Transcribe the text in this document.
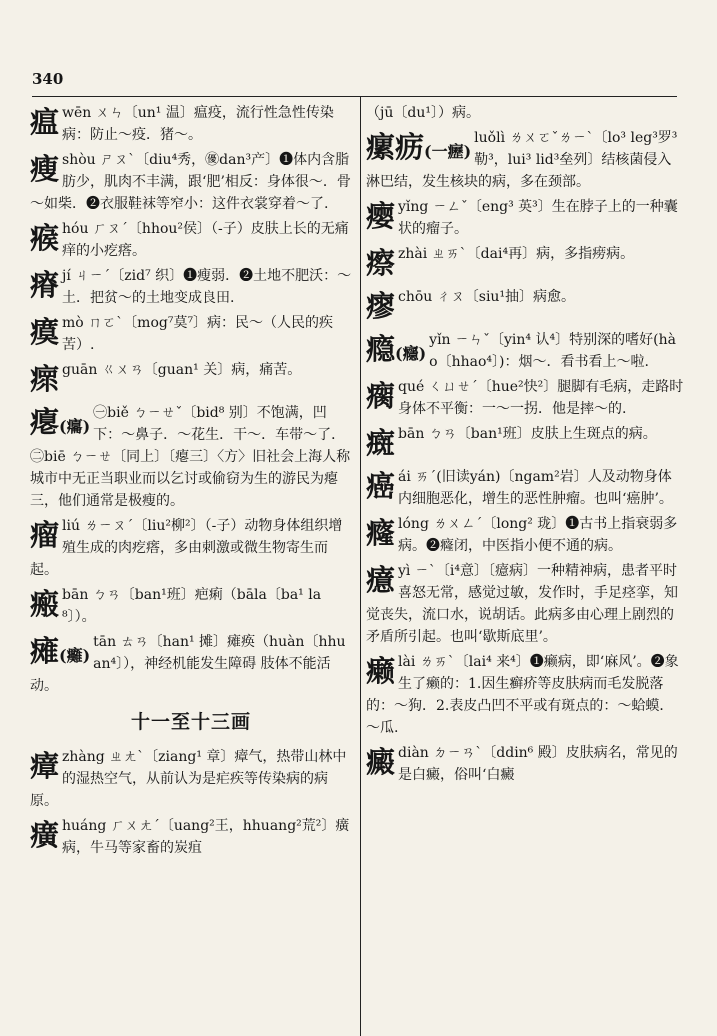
340
瘟 wēn ㄨㄣ〔un¹ 温〕瘟疫，流行性急性传染病：防止～疫．猪～。
瘦 shòu ㄕㄡˋ〔diu⁴秀，㊝dan³产〕❶体内含脂肪少，肌肉不丰满，跟‘肥’相反：身体很～．骨～如柴．❷衣服鞋袜等窄小：这件衣裳穿着～了.
瘊 hóu ㄏㄡˊ〔hhou²侯〕（-子）皮肤上长的无痛痒的小疙瘩。
瘠 jí ㄐㄧˊ〔zid⁷ 织〕❶瘦弱．❷土地不肥沃：～土．把贫～的土地变成良田.
瘼 mò ㄇㄛˋ〔mog⁷莫⁷〕病：民～（人民的疾苦）.
瘝 guān ㄍㄨㄢ〔guan¹ 关〕病，痛苦。
瘪(癟)
㊀biě ㄅㄧㄝˇ〔bid⁸ 别〕不饱满，凹下：～鼻子．～花生．干～．车带～了．㊁biē ㄅㄧㄝ〔同上〕〔瘪三〕〈方〉旧社会上海人称城市中无正当职业而以乞讨或偷窃为生的游民为瘪三，他们通常是极瘦的。
瘤 liú ㄌㄧㄡˊ〔liu²柳²〕（-子）动物身体组织增殖生成的肉疙瘩，多由刺激或微生物寄生而起。
瘢 bān ㄅㄢ〔ban¹班〕疤痢（bāla〔ba¹ la⁸〕）。
瘫(癱)
tān ㄊㄢ〔han¹ 摊〕瘫痪（huàn〔hhuan⁴〕），神经机能发生障碍 肢体不能活动。
十一至十三画
瘴 zhàng ㄓㄤˋ〔ziang¹ 章〕瘴气，热带山林中的湿热空气，从前认为是疟疾等传染病的病原。
癀 huáng ㄏㄨㄤˊ〔uang²王，hhuang²荒²〕癀病，牛马等家畜的炭疽
（jū〔du¹〕）病。
瘰疬(一癧)
luǒlì ㄌㄨㄛˇㄌㄧˋ〔lo³ leg³罗³ 勒³，lui³ lid³垒列〕结核菌侵入淋巴结，发生核块的病，多在颈部。
瘿 yǐng ㄧㄥˇ〔eng³ 英³〕生在脖子上的一种囊状的瘤子。
瘵 zhài ㄓㄞˋ〔dai⁴再〕病，多指痨病。
瘳 chōu ㄔㄡ〔siu¹抽〕病愈。
瘾(癮)
yǐn ㄧㄣˇ〔yin⁴ 认⁴〕特别深的嗜好(hào〔hhao⁴〕)：烟～．看书看上～啦.
瘸 qué ㄑㄩㄝˊ〔hue²快²〕腿脚有毛病，走路时身体不平衡：一～一拐．他是摔～的.
癍 bān ㄅㄢ〔ban¹班〕皮肤上生斑点的病。
癌 ái ㄞˊ(旧读yán)〔ngam²岩〕人及动物身体内细胞恶化，增生的恶性肿瘤。也叫‘癌肿’。
癃 lóng ㄌㄨㄥˊ〔long² 珑〕❶古书上指衰弱多病。❷癃闭，中医指小便不通的病。
癔 yì ㄧˋ〔i⁴意〕〔癔病〕一种精神病，患者平时喜怒无常，感觉过敏，发作时，手足痉挛，知觉丧失，流口水，说胡话。此病多由心理上剧烈的矛盾所引起。也叫‘歇斯底里’。
癞 lài ㄌㄞˋ〔lai⁴ 来⁴〕❶癞病，即‘麻风’。❷象生了癞的：1.因生癣疥等皮肤病而毛发脱落的：～狗．2.表皮凸凹不平或有斑点的：～蛤蟆．～瓜.
癜 diàn ㄉㄧㄢˋ〔ddin⁶ 殿〕皮肤病名，常见的是白癜，俗叫‘白癜
